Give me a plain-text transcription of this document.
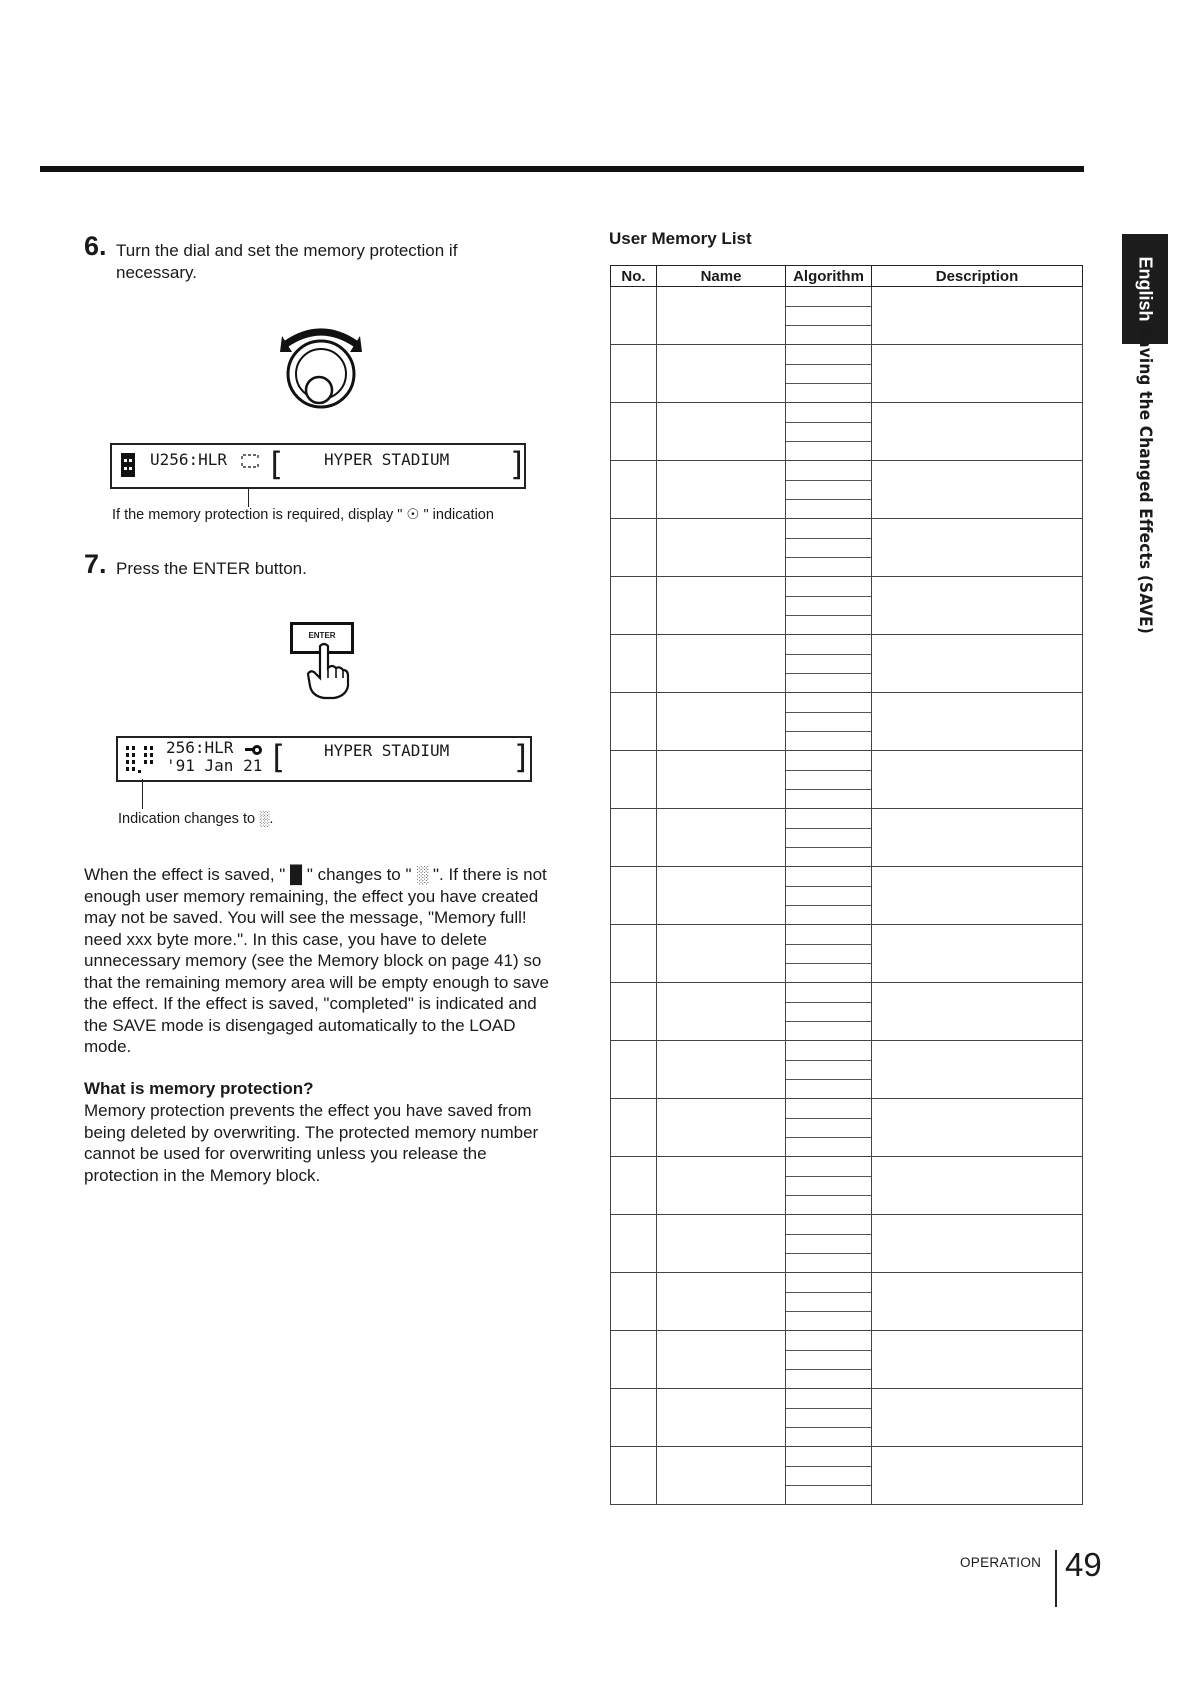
6. Turn the dial and set the memory protection if necessary.
U256:HLR [ HYPER STADIUM ]
If the memory protection is required, display " ☉ " indication
7. Press the ENTER button.
ENTER
256:HLR
'91 Jan 21 [ HYPER STADIUM ]
Indication changes to ░.
When the effect is saved, " █ " changes to " ░ ". If there is not enough user memory remaining, the effect you have created may not be saved. You will see the message, "Memory full! need xxx byte more.". In this case, you have to delete unnecessary memory (see the Memory block on page 41) so that the remaining memory area will be empty enough to save the effect. If the effect is saved, "completed" is indicated and the SAVE mode is disengaged automatically to the LOAD mode.
What is memory protection?
Memory protection prevents the effect you have saved from being deleted by overwriting. The protected memory number cannot be used for overwriting unless you release the protection in the Memory block.
User Memory List
No.	Name	Algorithm	Description

		English
Saving the Changed Effects (SAVE)
OPERATION 49
